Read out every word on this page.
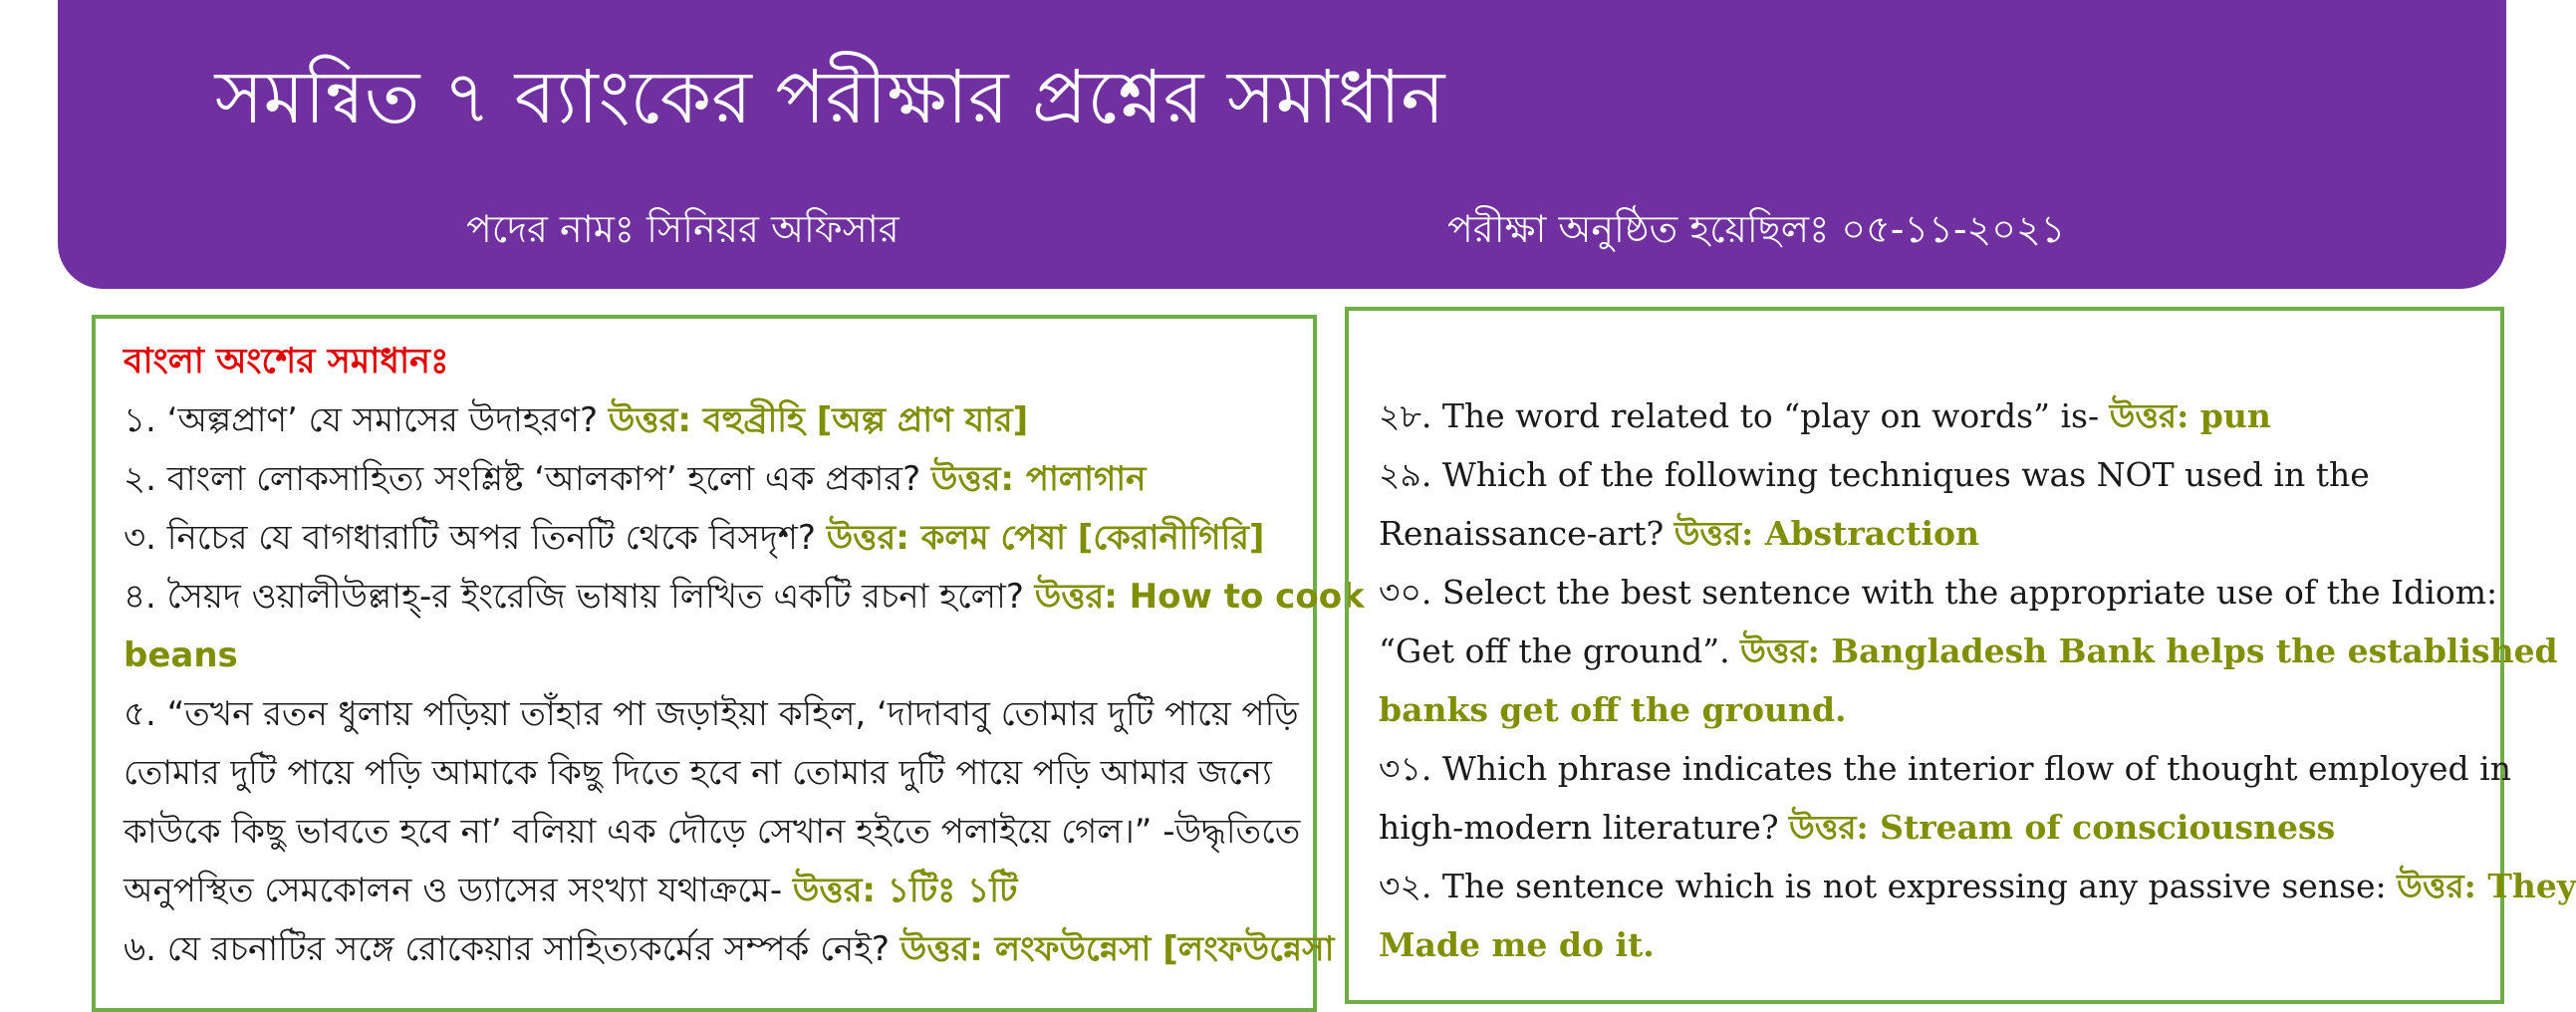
সমন্বিত ৭ ব্যাংকের পরীক্ষার প্রশ্নের সমাধান
পদের নামঃ সিনিয়র অফিসার	পরীক্ষা অনুষ্ঠিত হয়েছিলঃ ০৫-১১-২০২১
বাংলা অংশের সমাধানঃ
১. ‘অল্পপ্রাণ’ যে সমাসের উদাহরণ? উত্তর: বহুব্রীহি [অল্প প্রাণ যার]
২. বাংলা লোকসাহিত্য সংশ্লিষ্ট ‘আলকাপ’ হলো এক প্রকার? উত্তর: পালাগান
৩. নিচের যে বাগধারাটি অপর তিনটি থেকে বিসদৃশ? উত্তর: কলম পেষা [কেরানীগিরি]
৪. সৈয়দ ওয়ালীউল্লাহ্-র ইংরেজি ভাষায় লিখিত একটি রচনা হলো? উত্তর: How to cook
beans
৫. “তখন রতন ধুলায় পড়িয়া তাঁহার পা জড়াইয়া কহিল, ‘দাদাবাবু তোমার দুটি পায়ে পড়ি
তোমার দুটি পায়ে পড়ি আমাকে কিছু দিতে হবে না তোমার দুটি পায়ে পড়ি আমার জন্যে
কাউকে কিছু ভাবতে হবে না’ বলিয়া এক দৌড়ে সেখান হইতে পলাইয়ে গেল।” -উদ্ধৃতিতে
অনুপস্থিত সেমকোলন ও ড্যাসের সংখ্যা যথাক্রমে- উত্তর: ১টিঃ ১টি
৬. যে রচনাটির সঙ্গে রোকেয়ার সাহিত্যকর্মের সম্পর্ক নেই? উত্তর: লংফউন্নেসা [লংফউন্নেসা
২৮. The word related to “play on words” is- উত্তর: pun
২৯. Which of the following techniques was NOT used in the
Renaissance-art? উত্তর: Abstraction
৩০. Select the best sentence with the appropriate use of the Idiom:
“Get off the ground”. উত্তর: Bangladesh Bank helps the established
banks get off the ground.
৩১. Which phrase indicates the interior flow of thought employed in
high-modern literature? উত্তর: Stream of consciousness
৩২. The sentence which is not expressing any passive sense: উত্তর: They
Made me do it.
